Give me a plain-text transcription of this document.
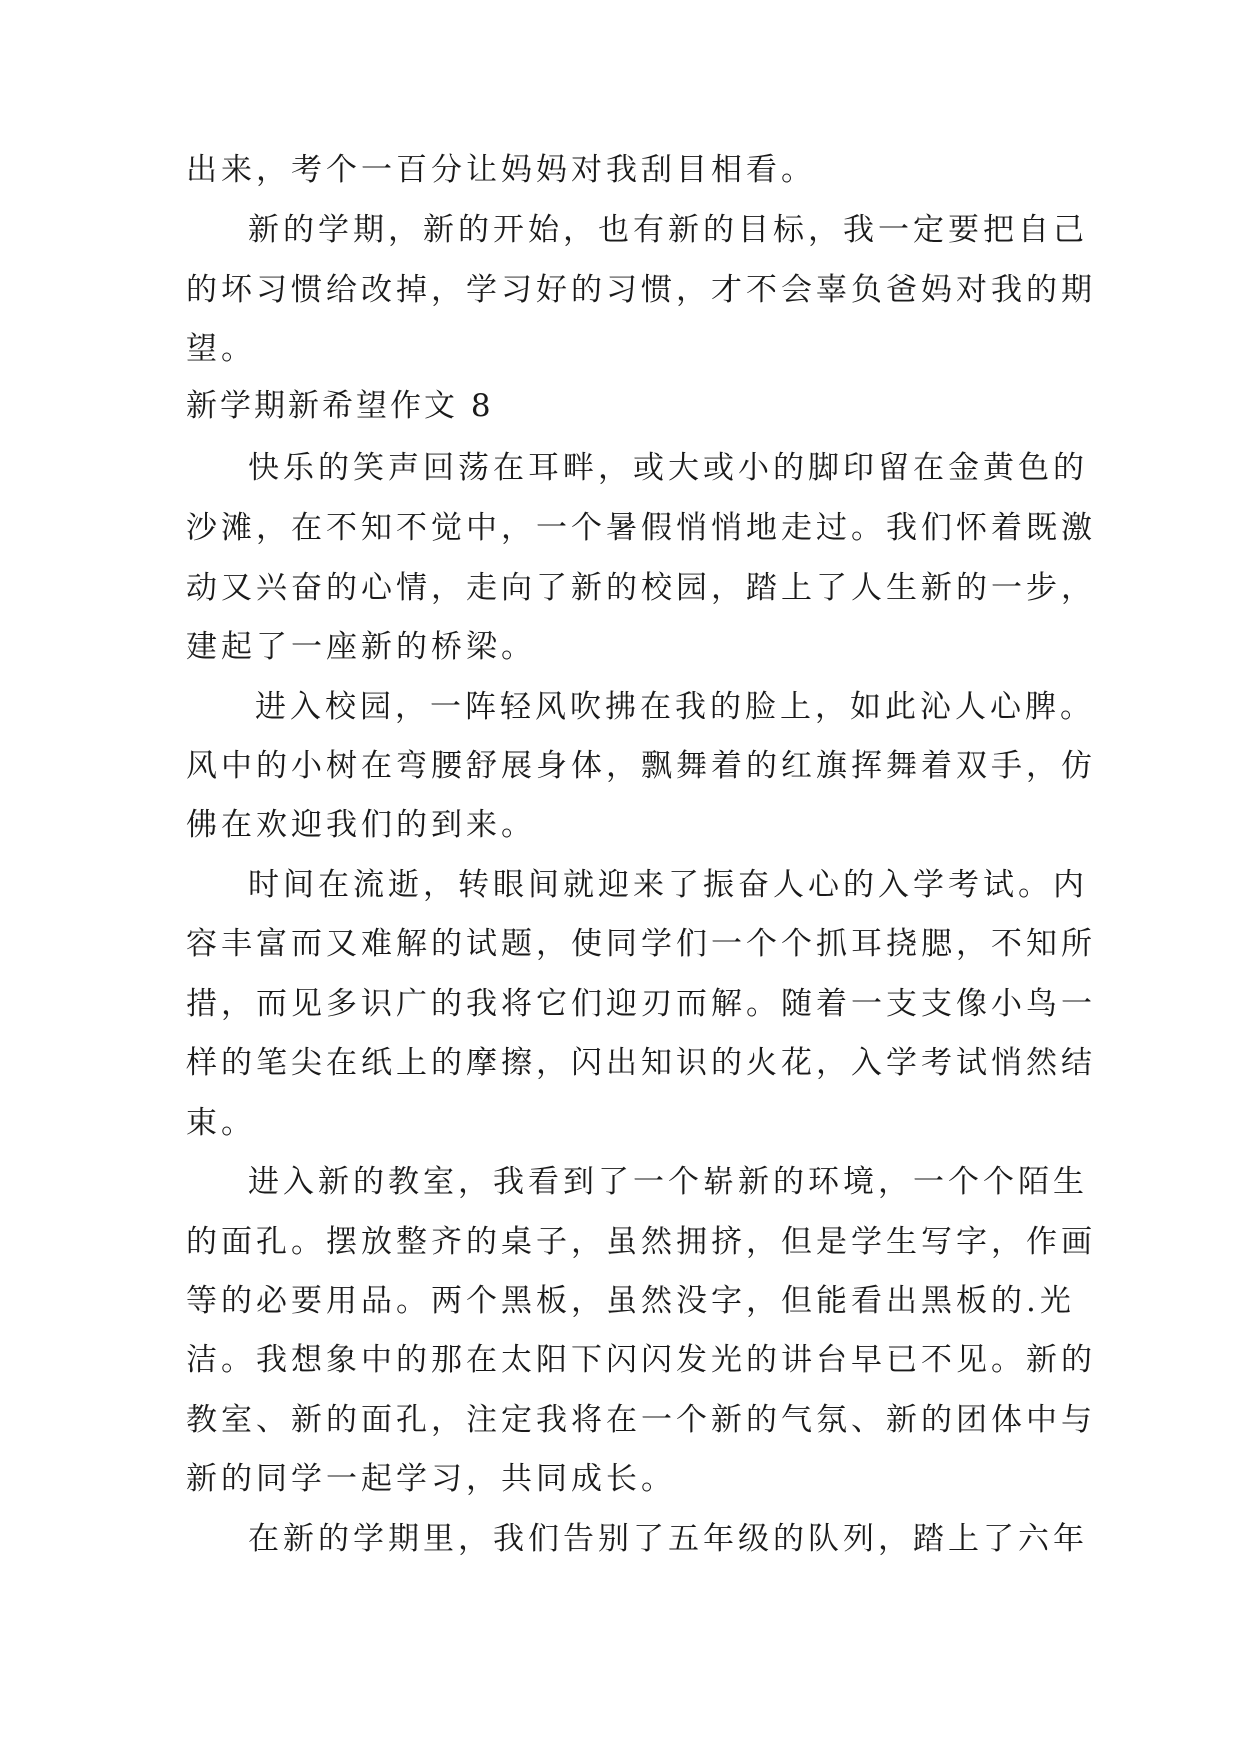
出来，考个一百分让妈妈对我刮目相看。
新的学期，新的开始，也有新的目标，我一定要把自己
的坏习惯给改掉，学习好的习惯，才不会辜负爸妈对我的期
望。
新学期新希望作文 8
快乐的笑声回荡在耳畔，或大或小的脚印留在金黄色的
沙滩，在不知不觉中，一个暑假悄悄地走过。我们怀着既激
动又兴奋的心情，走向了新的校园，踏上了人生新的一步，
建起了一座新的桥梁。
进入校园，一阵轻风吹拂在我的脸上，如此沁人心脾。
风中的小树在弯腰舒展身体，飘舞着的红旗挥舞着双手，仿
佛在欢迎我们的到来。
时间在流逝，转眼间就迎来了振奋人心的入学考试。内
容丰富而又难解的试题，使同学们一个个抓耳挠腮，不知所
措，而见多识广的我将它们迎刃而解。随着一支支像小鸟一
样的笔尖在纸上的摩擦，闪出知识的火花，入学考试悄然结
束。
进入新的教室，我看到了一个崭新的环境，一个个陌生
的面孔。摆放整齐的桌子，虽然拥挤，但是学生写字，作画
等的必要用品。两个黑板，虽然没字，但能看出黑板的.光
洁。我想象中的那在太阳下闪闪发光的讲台早已不见。新的
教室、新的面孔，注定我将在一个新的气氛、新的团体中与
新的同学一起学习，共同成长。
在新的学期里，我们告别了五年级的队列，踏上了六年
